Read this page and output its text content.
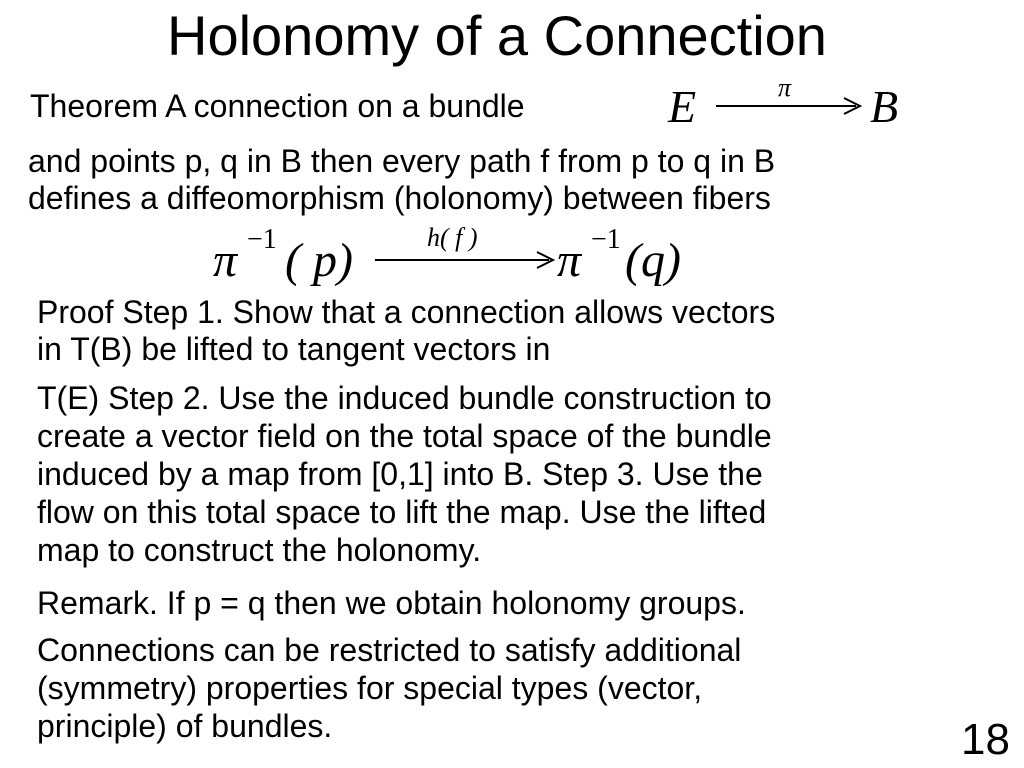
Holonomy of a Connection
Theorem A connection on a bundle	E	π B
and points p, q in B then every path f from p to q in B
defines a diffeomorphism (holonomy) between fibers
π −1 ( p)	h( f ) π −1 (q)
Proof Step 1. Show that a connection allows vectors
in T(B) be lifted to tangent vectors in
T(E) Step 2. Use the induced bundle construction to
create a vector field on the total space of the bundle
induced by a map from [0,1] into B. Step 3. Use the
flow on this total space to lift the map. Use the lifted
map to construct the holonomy.
Remark. If p = q then we obtain holonomy groups.
Connections can be restricted to satisfy additional
(symmetry) properties for special types (vector,
principle) of bundles.	18
